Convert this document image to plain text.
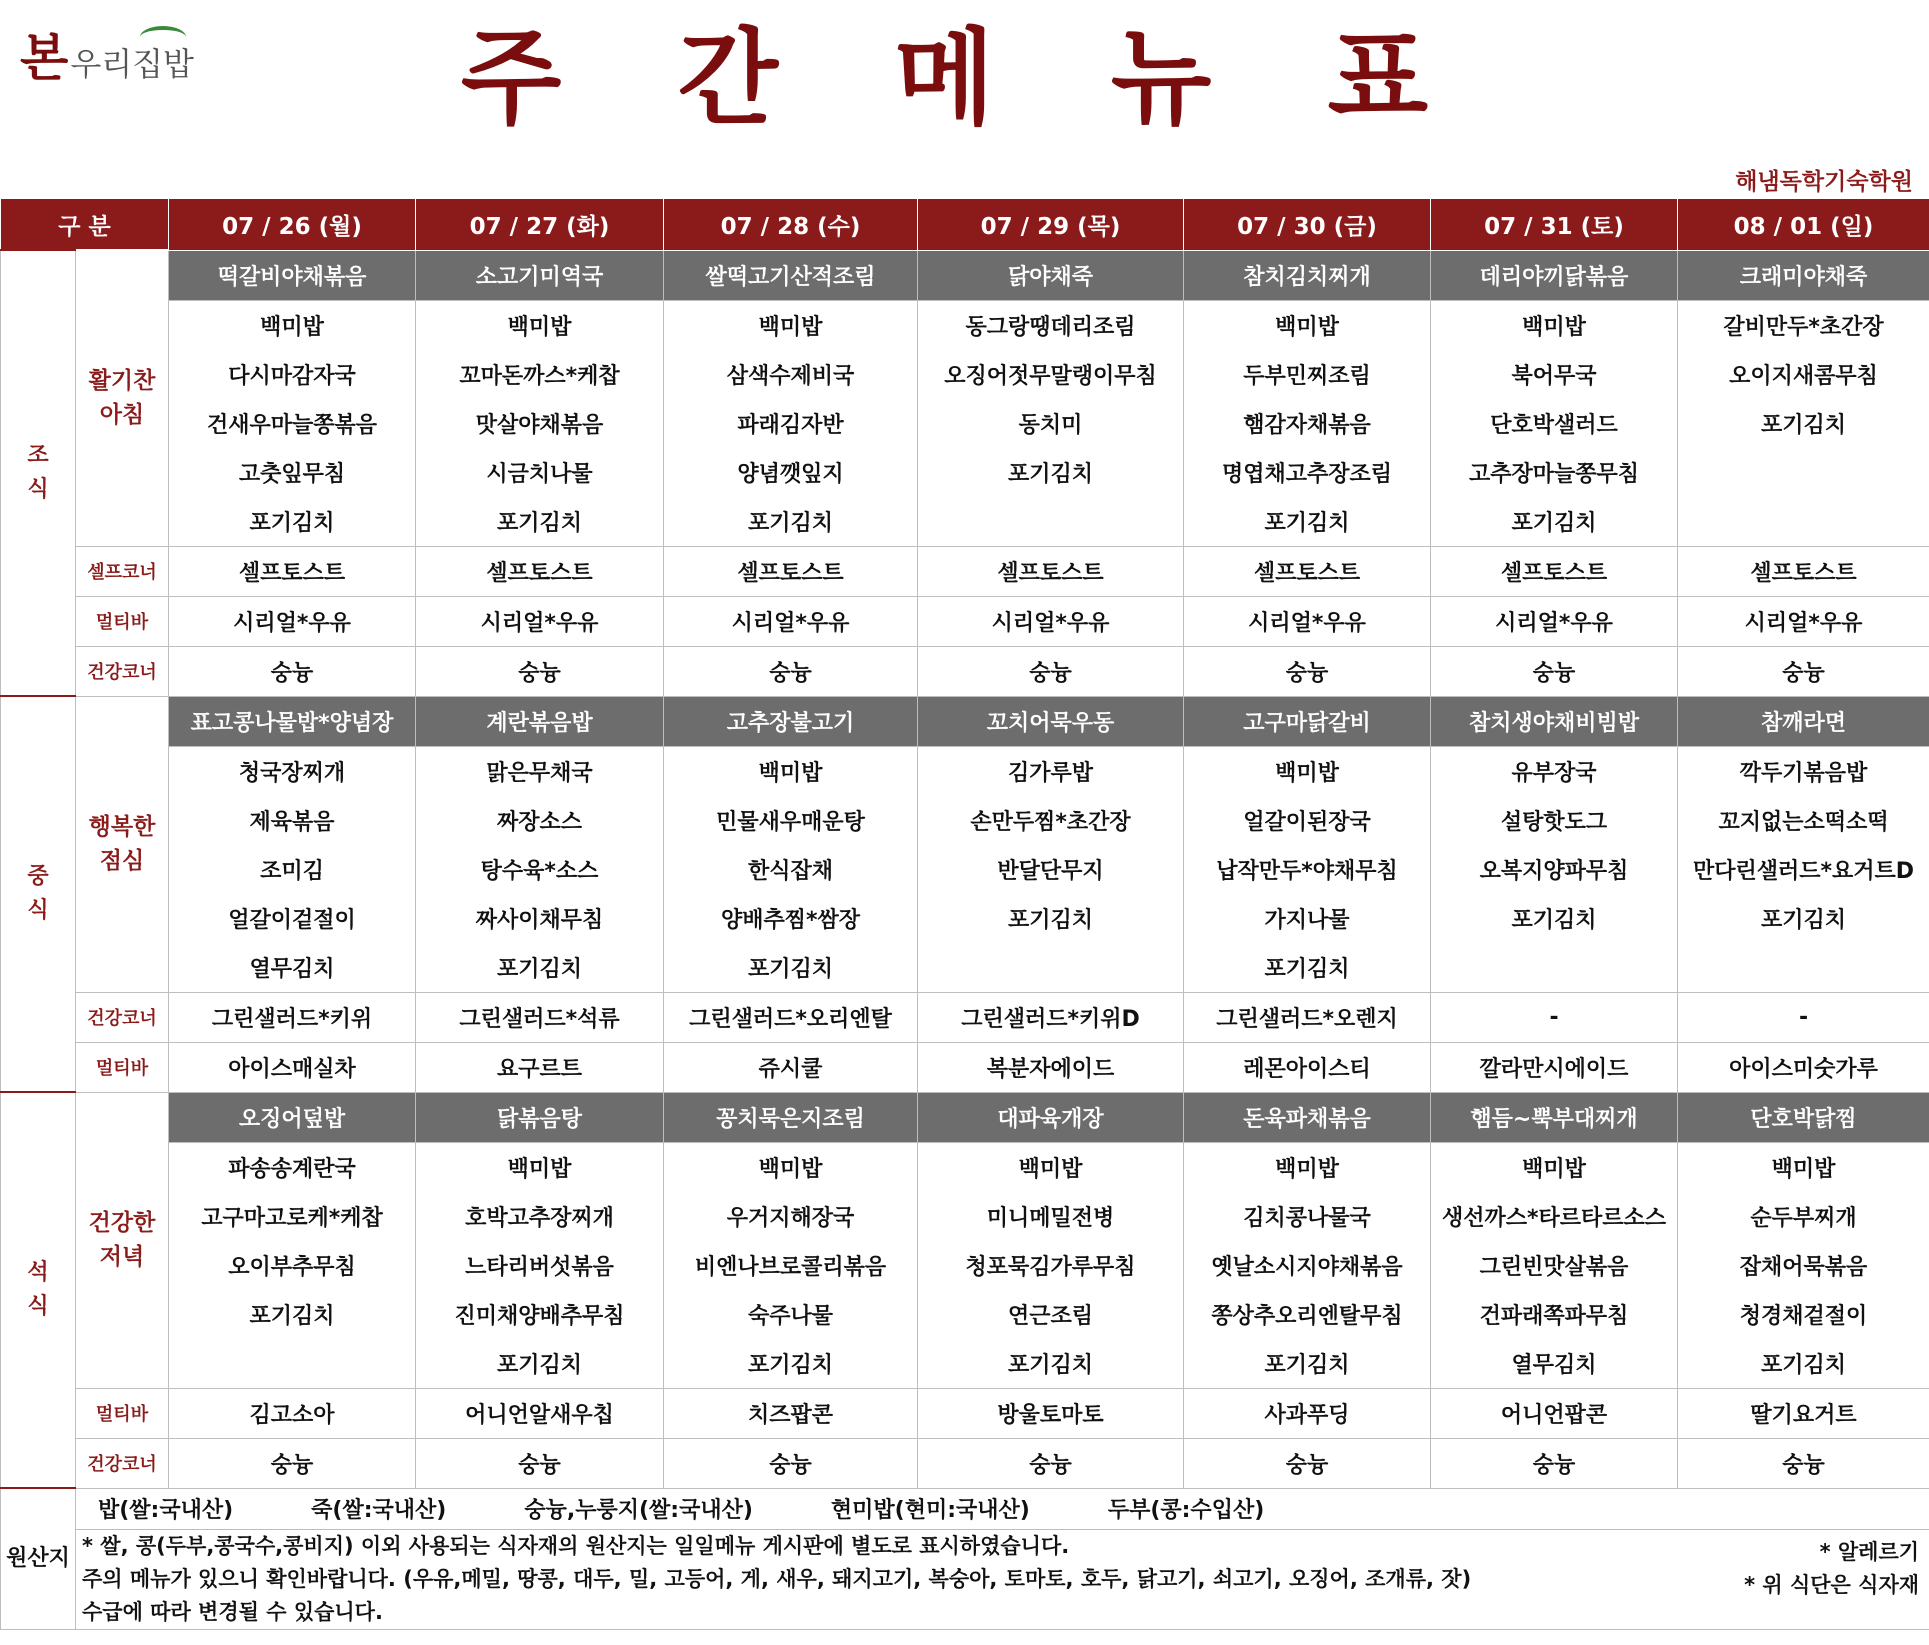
본 우리집밥	주 간 메 뉴 표
해냄독학기숙학원
구 분		07 / 26 (월)	07 / 27 (화)	07 / 28 (수)	07 / 29 (목)	07 / 30 (금)	07 / 31 (토)	08 / 01 (일)
조
식	활기찬
아침	떡갈비야채볶음	소고기미역국	쌀떡고기산적조림	닭야채죽	참치김치찌개	데리야끼닭볶음	크래미야채죽
		백미밥	백미밥	백미밥	동그랑땡데리조림	백미밥	백미밥	갈비만두*초간장
		다시마감자국	꼬마돈까스*케찹	삼색수제비국	오징어젓무말랭이무침	두부민찌조림	북어무국	오이지새콤무침
		건새우마늘쫑볶음	맛살야채볶음	파래김자반	동치미	햄감자채볶음	단호박샐러드	포기김치
		고춧잎무침	시금치나물	양념깻잎지	포기김치	명엽채고추장조림	고추장마늘쫑무침	
		포기김치	포기김치	포기김치		포기김치	포기김치	
	셀프코너	셀프토스트	셀프토스트	셀프토스트	셀프토스트	셀프토스트	셀프토스트	셀프토스트
	멀티바	시리얼*우유	시리얼*우유	시리얼*우유	시리얼*우유	시리얼*우유	시리얼*우유	시리얼*우유
	건강코너	숭늉	숭늉	숭늉	숭늉	숭늉	숭늉	숭늉
중
식	행복한
점심	표고콩나물밥*양념장	계란볶음밥	고추장불고기	꼬치어묵우동	고구마닭갈비	참치생야채비빔밥	참깨라면
		청국장찌개	맑은무채국	백미밥	김가루밥	백미밥	유부장국	깍두기볶음밥
		제육볶음	짜장소스	민물새우매운탕	손만두찜*초간장	얼갈이된장국	설탕핫도그	꼬지없는소떡소떡
		조미김	탕수육*소스	한식잡채	반달단무지	납작만두*야채무침	오복지양파무침	만다린샐러드*요거트D
		얼갈이겉절이	짜사이채무침	양배추찜*쌈장	포기김치	가지나물	포기김치	포기김치
		열무김치	포기김치	포기김치		포기김치		
	건강코너	그린샐러드*키위	그린샐러드*석류	그린샐러드*오리엔탈	그린샐러드*키위D	그린샐러드*오렌지	-	-
	멀티바	아이스매실차	요구르트	쥬시쿨	복분자에이드	레몬아이스티	깔라만시에이드	아이스미숫가루
석
식	건강한
저녁	오징어덮밥	닭볶음탕	꽁치묵은지조림	대파육개장	돈육파채볶음	햄듬~뿍부대찌개	단호박닭찜
		파송송계란국	백미밥	백미밥	백미밥	백미밥	백미밥	백미밥
		고구마고로케*케찹	호박고추장찌개	우거지해장국	미니메밀전병	김치콩나물국	생선까스*타르타르소스	순두부찌개
		오이부추무침	느타리버섯볶음	비엔나브로콜리볶음	청포묵김가루무침	옛날소시지야채볶음	그린빈맛살볶음	잡채어묵볶음
		포기김치	진미채양배추무침	숙주나물	연근조림	쫑상추오리엔탈무침	건파래쪽파무침	청경채겉절이
			포기김치	포기김치	포기김치	포기김치	열무김치	포기김치
	멀티바	김고소아	어니언알새우칩	치즈팝콘	방울토마토	사과푸딩	어니언팝콘	딸기요거트
	건강코너	숭늉	숭늉	숭늉	숭늉	숭늉	숭늉	숭늉
원산지	밥(쌀:국내산) 죽(쌀:국내산) 숭늉,누룽지(쌀:국내산) 현미밥(현미:국내산) 두부(콩:수입산)							

	* 쌀, 콩(두부,콩국수,콩비지) 이외 사용되는 식자재의 원산지는 일일메뉴 게시판에 별도로 표시하였습니다.
주의 메뉴가 있으니 확인바랍니다. (우유,메밀, 땅콩, 대두, 밀, 고등어, 게, 새우, 돼지고기, 복숭아, 토마토, 호두, 닭고기, 쇠고기, 오징어, 조개류, 잣)
수급에 따라 변경될 수 있습니다.
* 알레르기
* 위 식단은 식자재							
